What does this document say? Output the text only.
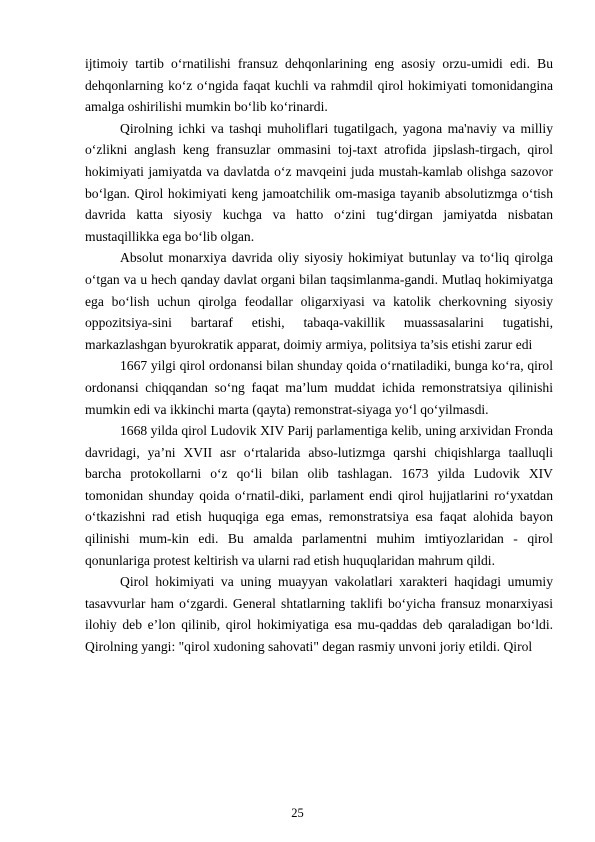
ijtimoiy tartib o‘rnatilishi fransuz dehqonlarining eng asosiy orzu-umidi edi. Bu dehqonlarning ko‘z o‘ngida faqat kuchli va rahmdil qirol hokimiyati tomonidangina amalga oshirilishi mumkin bo‘lib ko‘rinardi.

Qirolning ichki va tashqi muholiflari tugatilgach, yagona ma'naviy va milliy o‘zlikni anglash keng fransuzlar ommasini toj-taxt atrofida jipslash-tirgach, qirol hokimiyati jamiyatda va davlatda o‘z mavqeini juda mustah-kamlab olishga sazovor bo‘lgan. Qirol hokimiyati keng jamoatchilik om-masiga tayanib absolutizmga o‘tish davrida katta siyosiy kuchga va hatto o‘zini tug‘dirgan jamiyatda nisbatan mustaqillikka ega bo‘lib olgan.

Absolut monarxiya davrida oliy siyosiy hokimiyat butunlay va to‘liq qirolga o‘tgan va u hech qanday davlat organi bilan taqsimlanma-gandi. Mutlaq hokimiyatga ega bo‘lish uchun qirolga feodallar oligarxiyasi va katolik cherkovning siyosiy oppozitsiya-sini bartaraf etishi, tabaqa-vakillik muassasalarini tugatishi, markazlashgan byurokratik apparat, doimiy armiya, politsiya ta’sis etishi zarur edi

1667 yilgi qirol ordonansi bilan shunday qoida o‘rnatiladiki, bunga ko‘ra, qirol ordonansi chiqqandan so‘ng faqat ma’lum muddat ichida remonstratsiya qilinishi mumkin edi va ikkinchi marta (qayta) remonstrat-siyaga yo‘l qo‘yilmasdi.

1668 yilda qirol Ludovik XIV Parij parlamentiga kelib, uning arxividan Fronda davridagi, ya’ni XVII asr o‘rtalarida abso-lutizmga qarshi chiqishlarga taalluqli barcha protokollarni o‘z qo‘li bilan olib tashlagan. 1673 yilda Ludovik XIV tomonidan shunday qoida o‘rnatil-diki, parlament endi qirol hujjatlarini ro‘yxatdan o‘tkazishni rad etish huquqiga ega emas, remonstratsiya esa faqat alohida bayon qilinishi mum-kin edi. Bu amalda parlamentni muhim imtiyozlaridan - qirol qonunlariga protest keltirish va ularni rad etish huquqlaridan mahrum qildi.

Qirol hokimiyati va uning muayyan vakolatlari xarakteri haqidagi umumiy tasavvurlar ham o‘zgardi. General shtatlarning taklifi bo‘yicha fransuz monarxiyasi ilohiy deb e’lon qilinib, qirol hokimiyatiga esa mu-qaddas deb qaraladigan bo‘ldi. Qirolning yangi: "qirol xudoning sahovati" degan rasmiy unvoni joriy etildi. Qirol

25
